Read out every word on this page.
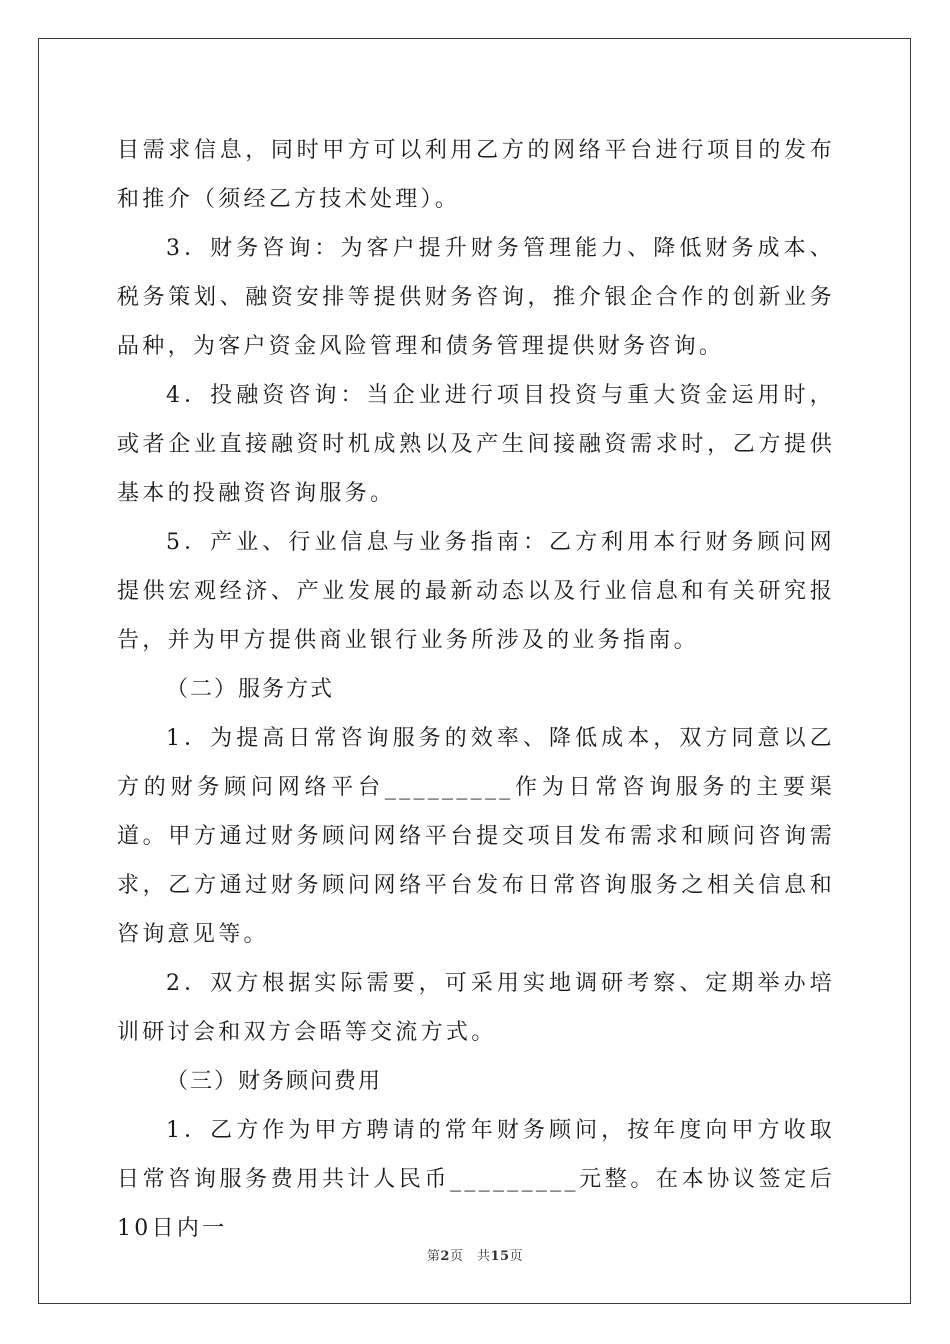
目需求信息，同时甲方可以利用乙方的网络平台进行项目的发布和推介（须经乙方技术处理）。

3．财务咨询：为客户提升财务管理能力、降低财务成本、税务策划、融资安排等提供财务咨询，推介银企合作的创新业务品种，为客户资金风险管理和债务管理提供财务咨询。

4．投融资咨询：当企业进行项目投资与重大资金运用时，或者企业直接融资时机成熟以及产生间接融资需求时，乙方提供基本的投融资咨询服务。

5．产业、行业信息与业务指南：乙方利用本行财务顾问网提供宏观经济、产业发展的最新动态以及行业信息和有关研究报告，并为甲方提供商业银行业务所涉及的业务指南。

（二）服务方式

1．为提高日常咨询服务的效率、降低成本，双方同意以乙方的财务顾问网络平台_________作为日常咨询服务的主要渠道。甲方通过财务顾问网络平台提交项目发布需求和顾问咨询需求，乙方通过财务顾问网络平台发布日常咨询服务之相关信息和咨询意见等。

2．双方根据实际需要，可采用实地调研考察、定期举办培训研讨会和双方会晤等交流方式。

（三）财务顾问费用

1．乙方作为甲方聘请的常年财务顾问，按年度向甲方收取日常咨询服务费用共计人民币_________元整。在本协议签定后10日内一

第2页　共15页
